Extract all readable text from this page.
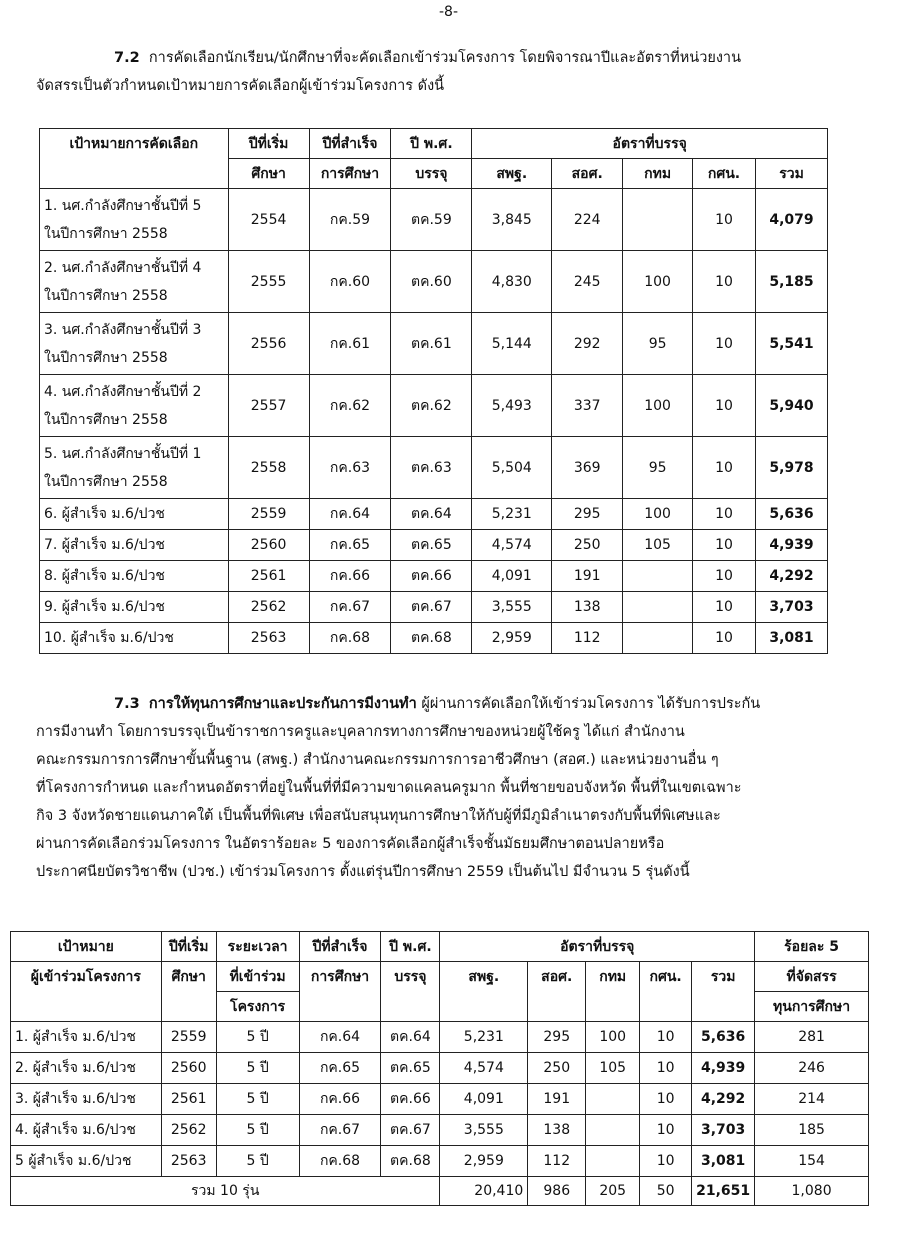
-8-
7.2 การคัดเลือกนักเรียน/นักศึกษาที่จะคัดเลือกเข้าร่วมโครงการ โดยพิจารณาปีและอัตราที่หน่วยงาน
จัดสรรเป็นตัวกำหนดเป้าหมายการคัดเลือกผู้เข้าร่วมโครงการ ดังนี้
เป้าหมายการคัดเลือก	ปีที่เริ่ม	ปีที่สำเร็จ	ปี พ.ศ.	อัตราที่บรรจุ				
	ศึกษา	การศึกษา	บรรจุ	สพฐ.	สอศ.	กทม	กศน.	รวม

1. นศ.กำลังศึกษาชั้นปีที่ 5
ในปีการศึกษา 2558	2554	กค.59	ตค.59	3,845	224		10	4,079

2. นศ.กำลังศึกษาชั้นปีที่ 4
ในปีการศึกษา 2558	2555	กค.60	ตค.60	4,830	245	100	10	5,185

3. นศ.กำลังศึกษาชั้นปีที่ 3
ในปีการศึกษา 2558	2556	กค.61	ตค.61	5,144	292	95	10	5,541

4. นศ.กำลังศึกษาชั้นปีที่ 2
ในปีการศึกษา 2558	2557	กค.62	ตค.62	5,493	337	100	10	5,940

5. นศ.กำลังศึกษาชั้นปีที่ 1
ในปีการศึกษา 2558	2558	กค.63	ตค.63	5,504	369	95	10	5,978

6. ผู้สำเร็จ ม.6/ปวช	2559	กค.64	ตค.64	5,231	295	100	10	5,636

7. ผู้สำเร็จ ม.6/ปวช	2560	กค.65	ตค.65	4,574	250	105	10	4,939

8. ผู้สำเร็จ ม.6/ปวช	2561	กค.66	ตค.66	4,091	191		10	4,292

9. ผู้สำเร็จ ม.6/ปวช	2562	กค.67	ตค.67	3,555	138		10	3,703

10. ผู้สำเร็จ ม.6/ปวช	2563	กค.68	ตค.68	2,959	112		10	3,081
7.3 การให้ทุนการศึกษาและประกันการมีงานทำ ผู้ผ่านการคัดเลือกให้เข้าร่วมโครงการ ได้รับการประกัน
การมีงานทำ โดยการบรรจุเป็นข้าราชการครูและบุคลากรทางการศึกษาของหน่วยผู้ใช้ครู ได้แก่ สำนักงาน
คณะกรรมการการศึกษาขั้นพื้นฐาน (สพฐ.) สำนักงานคณะกรรมการการอาชีวศึกษา (สอศ.) และหน่วยงานอื่น ๆ
ที่โครงการกำหนด และกำหนดอัตราที่อยู่ในพื้นที่ที่มีความขาดแคลนครูมาก พื้นที่ชายขอบจังหวัด พื้นที่ในเขตเฉพาะ
กิจ 3 จังหวัดชายแดนภาคใต้ เป็นพื้นที่พิเศษ เพื่อสนับสนุนทุนการศึกษาให้กับผู้ที่มีภูมิลำเนาตรงกับพื้นที่พิเศษและ
ผ่านการคัดเลือกร่วมโครงการ ในอัตราร้อยละ 5 ของการคัดเลือกผู้สำเร็จชั้นมัธยมศึกษาตอนปลายหรือ
ประกาศนียบัตรวิชาชีพ (ปวช.) เข้าร่วมโครงการ ตั้งแต่รุ่นปีการศึกษา 2559 เป็นต้นไป มีจำนวน 5 รุ่นดังนี้
เป้าหมาย	ปีที่เริ่ม	ระยะเวลา	ปีที่สำเร็จ	ปี พ.ศ.	อัตราที่บรรจุ					ร้อยละ 5
ผู้เข้าร่วมโครงการ	ศึกษา	ที่เข้าร่วม	การศึกษา	บรรจุ	สพฐ.	สอศ.	กทม	กศน.	รวม	ที่จัดสรร
		โครงการ								ทุนการศึกษา
1. ผู้สำเร็จ ม.6/ปวช	2559	5 ปี	กค.64	ตค.64	5,231	295	100	10	5,636	281
2. ผู้สำเร็จ ม.6/ปวช	2560	5 ปี	กค.65	ตค.65	4,574	250	105	10	4,939	246
3. ผู้สำเร็จ ม.6/ปวช	2561	5 ปี	กค.66	ตค.66	4,091	191		10	4,292	214
4. ผู้สำเร็จ ม.6/ปวช	2562	5 ปี	กค.67	ตค.67	3,555	138		10	3,703	185
5 ผู้สำเร็จ ม.6/ปวช	2563	5 ปี	กค.68	ตค.68	2,959	112		10	3,081	154
รวม 10 รุ่น					20,410	986	205	50	21,651	1,080
